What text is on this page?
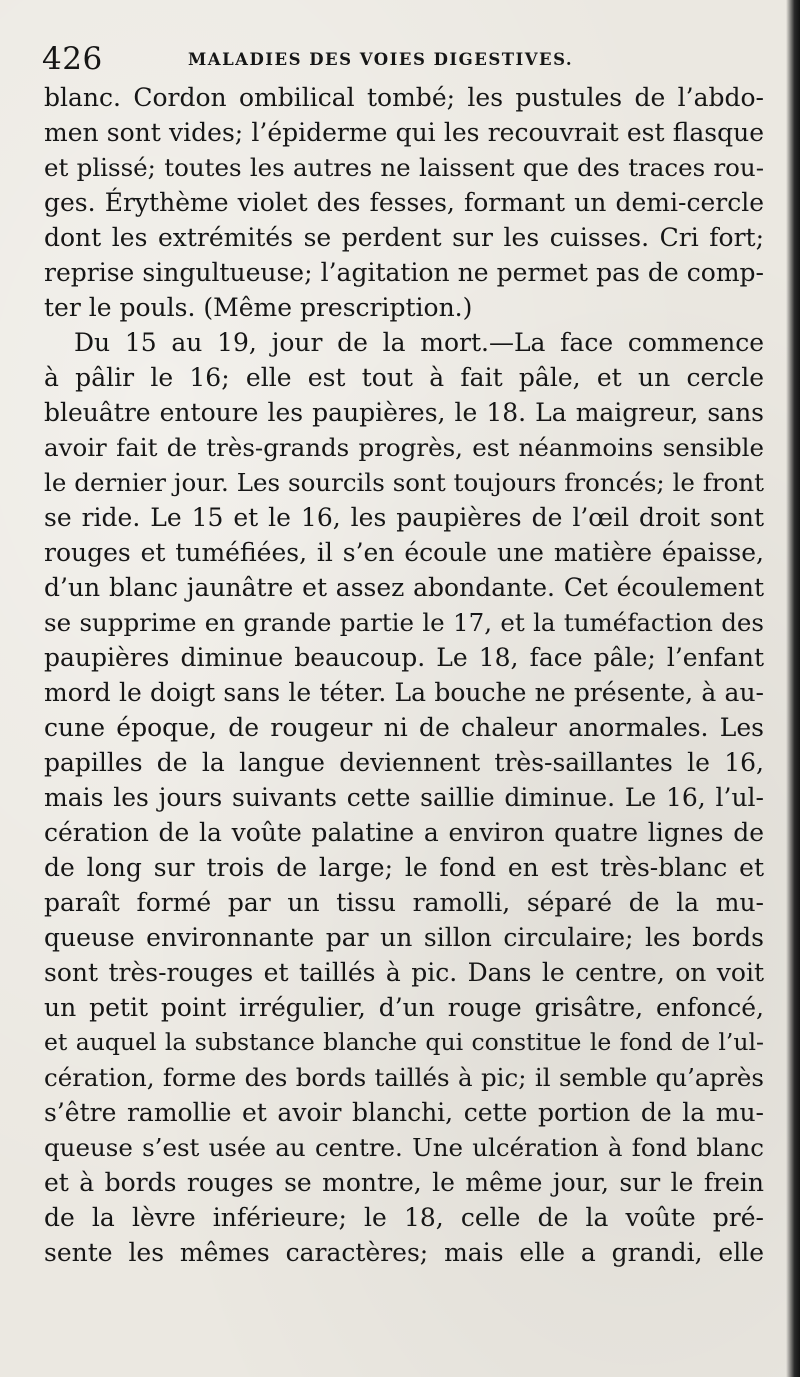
426	MALADIES DES VOIES DIGESTIVES.
blanc. Cordon ombilical tombé; les pustules de l’abdo-
men sont vides; l’épiderme qui les recouvrait est flasque
et plissé; toutes les autres ne laissent que des traces rou-
ges. Érythème violet des fesses, formant un demi-cercle
dont les extrémités se perdent sur les cuisses. Cri fort;
reprise singultueuse; l’agitation ne permet pas de comp-
ter le pouls. (Même prescription.)
Du 15 au 19, jour de la mort.—La face commence
à pâlir le 16; elle est tout à fait pâle, et un cercle
bleuâtre entoure les paupières, le 18. La maigreur, sans
avoir fait de très-grands progrès, est néanmoins sensible
le dernier jour. Les sourcils sont toujours froncés; le front
se ride. Le 15 et le 16, les paupières de l’œil droit sont
rouges et tuméfiées, il s’en écoule une matière épaisse,
d’un blanc jaunâtre et assez abondante. Cet écoulement
se supprime en grande partie le 17, et la tuméfaction des
paupières diminue beaucoup. Le 18, face pâle; l’enfant
mord le doigt sans le téter. La bouche ne présente, à au-
cune époque, de rougeur ni de chaleur anormales. Les
papilles de la langue deviennent très-saillantes le 16,
mais les jours suivants cette saillie diminue. Le 16, l’ul-
cération de la voûte palatine a environ quatre lignes de
de long sur trois de large; le fond en est très-blanc et
paraît formé par un tissu ramolli, séparé de la mu-
queuse environnante par un sillon circulaire; les bords
sont très-rouges et taillés à pic. Dans le centre, on voit
un petit point irrégulier, d’un rouge grisâtre, enfoncé,
et auquel la substance blanche qui constitue le fond de l’ul-
cération, forme des bords taillés à pic; il semble qu’après
s’être ramollie et avoir blanchi, cette portion de la mu-
queuse s’est usée au centre. Une ulcération à fond blanc
et à bords rouges se montre, le même jour, sur le frein
de la lèvre inférieure; le 18, celle de la voûte pré-
sente les mêmes caractères; mais elle a grandi, elle
